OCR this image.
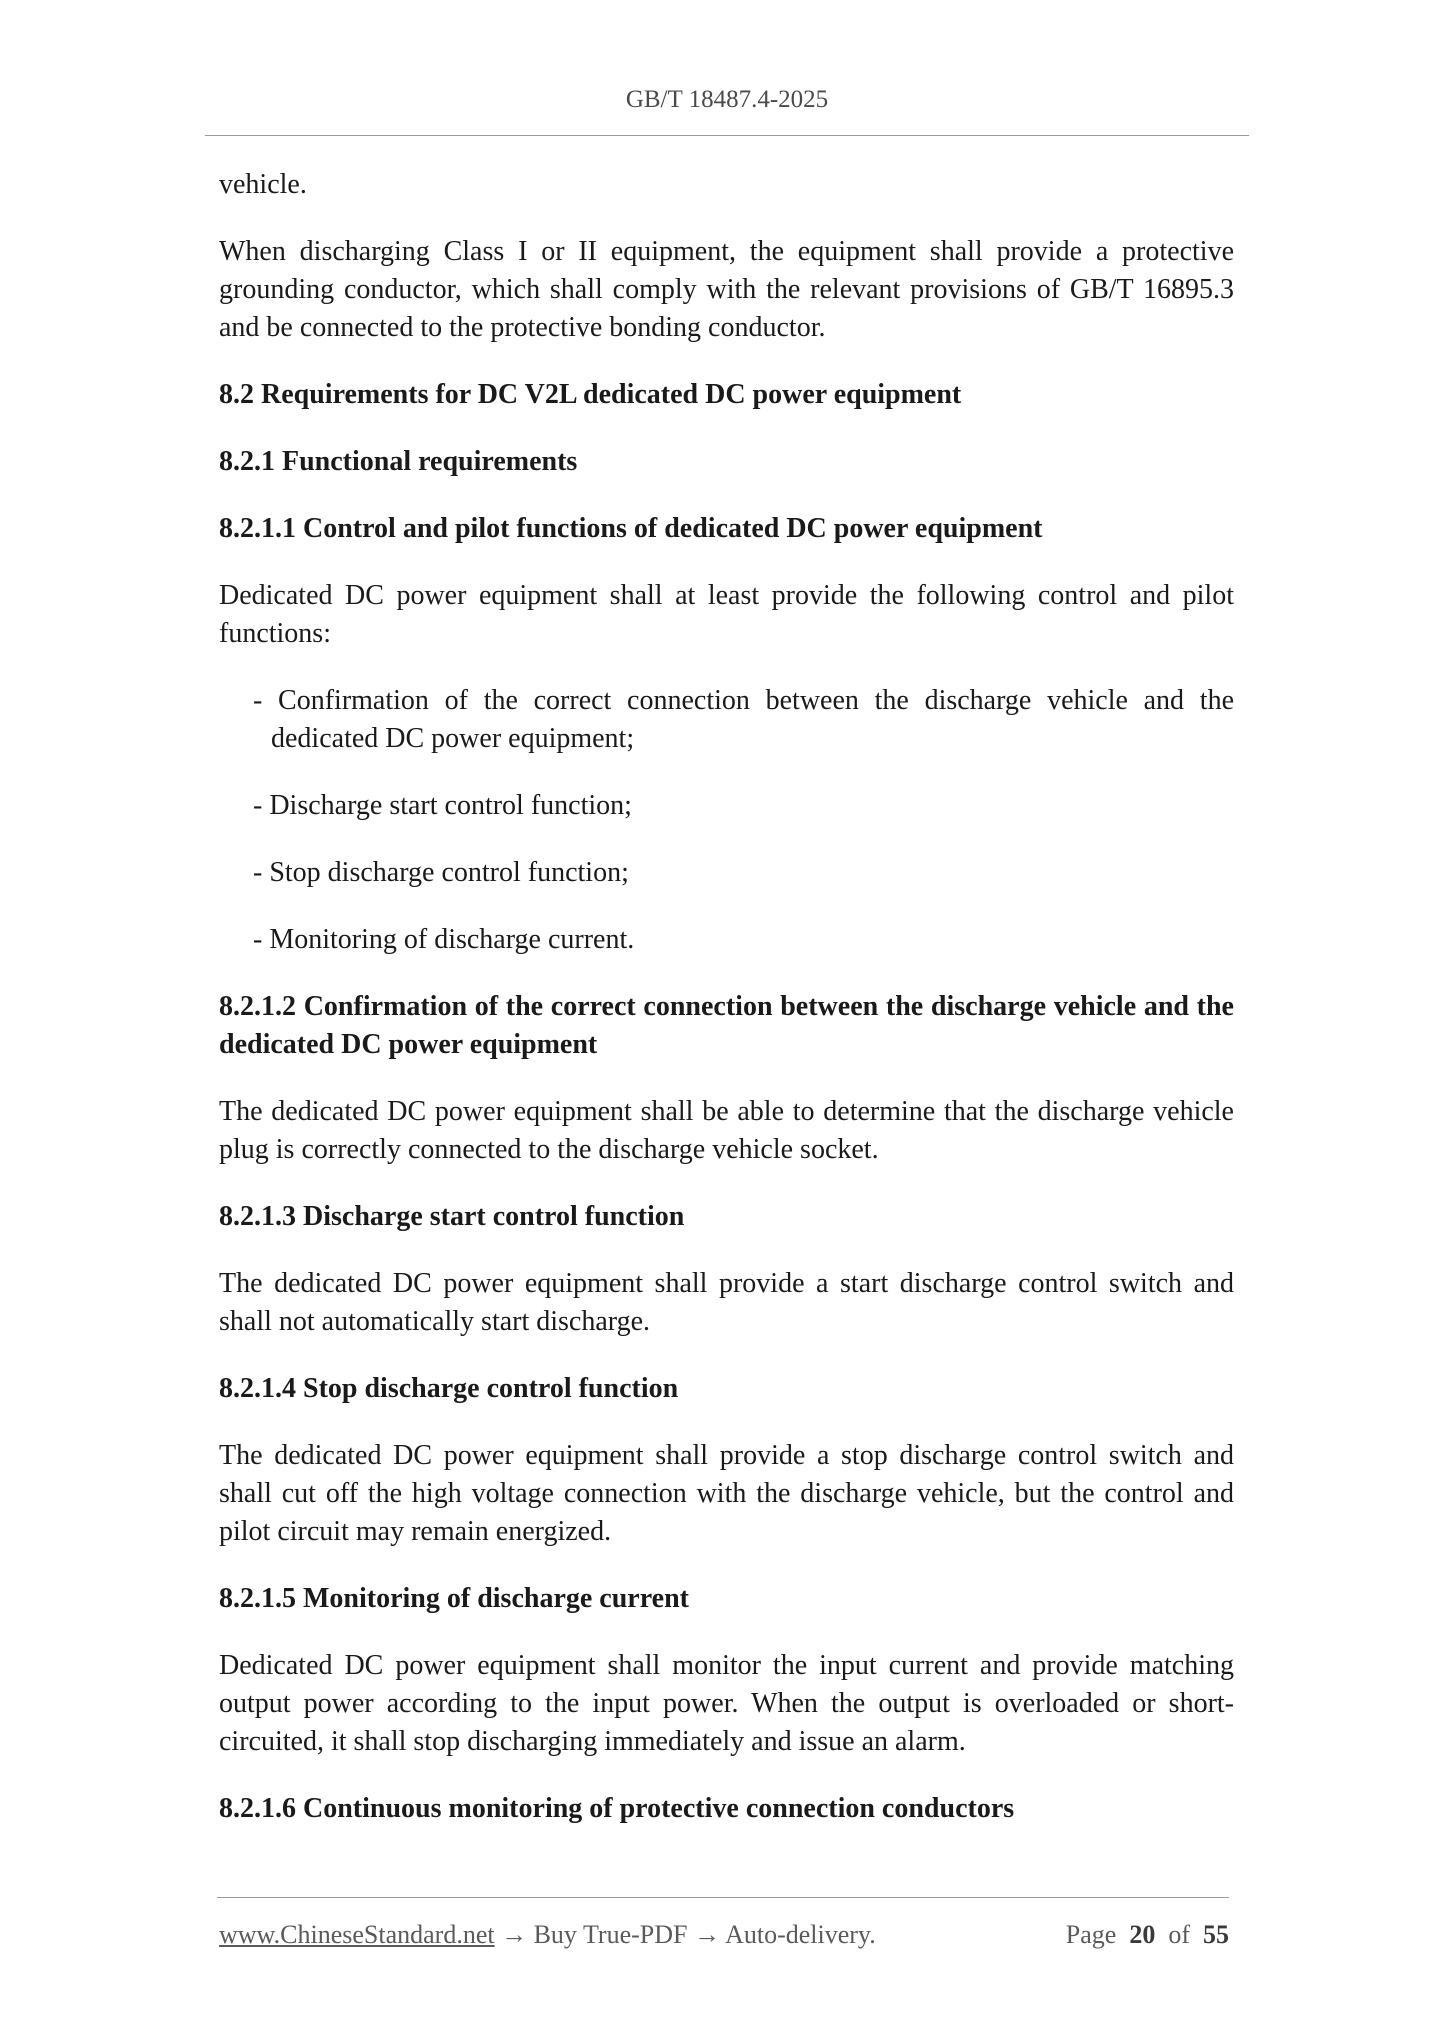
GB/T 18487.4-2025

vehicle.

When discharging Class I or II equipment, the equipment shall provide a protective grounding conductor, which shall comply with the relevant provisions of GB/T 16895.3 and be connected to the protective bonding conductor.

8.2 Requirements for DC V2L dedicated DC power equipment

8.2.1 Functional requirements

8.2.1.1 Control and pilot functions of dedicated DC power equipment

Dedicated DC power equipment shall at least provide the following control and pilot functions:

- Confirmation of the correct connection between the discharge vehicle and the dedicated DC power equipment;

- Discharge start control function;

- Stop discharge control function;

- Monitoring of discharge current.

8.2.1.2 Confirmation of the correct connection between the discharge vehicle and the dedicated DC power equipment

The dedicated DC power equipment shall be able to determine that the discharge vehicle plug is correctly connected to the discharge vehicle socket.

8.2.1.3 Discharge start control function

The dedicated DC power equipment shall provide a start discharge control switch and shall not automatically start discharge.

8.2.1.4 Stop discharge control function

The dedicated DC power equipment shall provide a stop discharge control switch and shall cut off the high voltage connection with the discharge vehicle, but the control and pilot circuit may remain energized.

8.2.1.5 Monitoring of discharge current

Dedicated DC power equipment shall monitor the input current and provide matching output power according to the input power. When the output is overloaded or short-circuited, it shall stop discharging immediately and issue an alarm.

8.2.1.6 Continuous monitoring of protective connection conductors

www.ChineseStandard.net → Buy True-PDF → Auto-delivery.	Page 20 of 55
